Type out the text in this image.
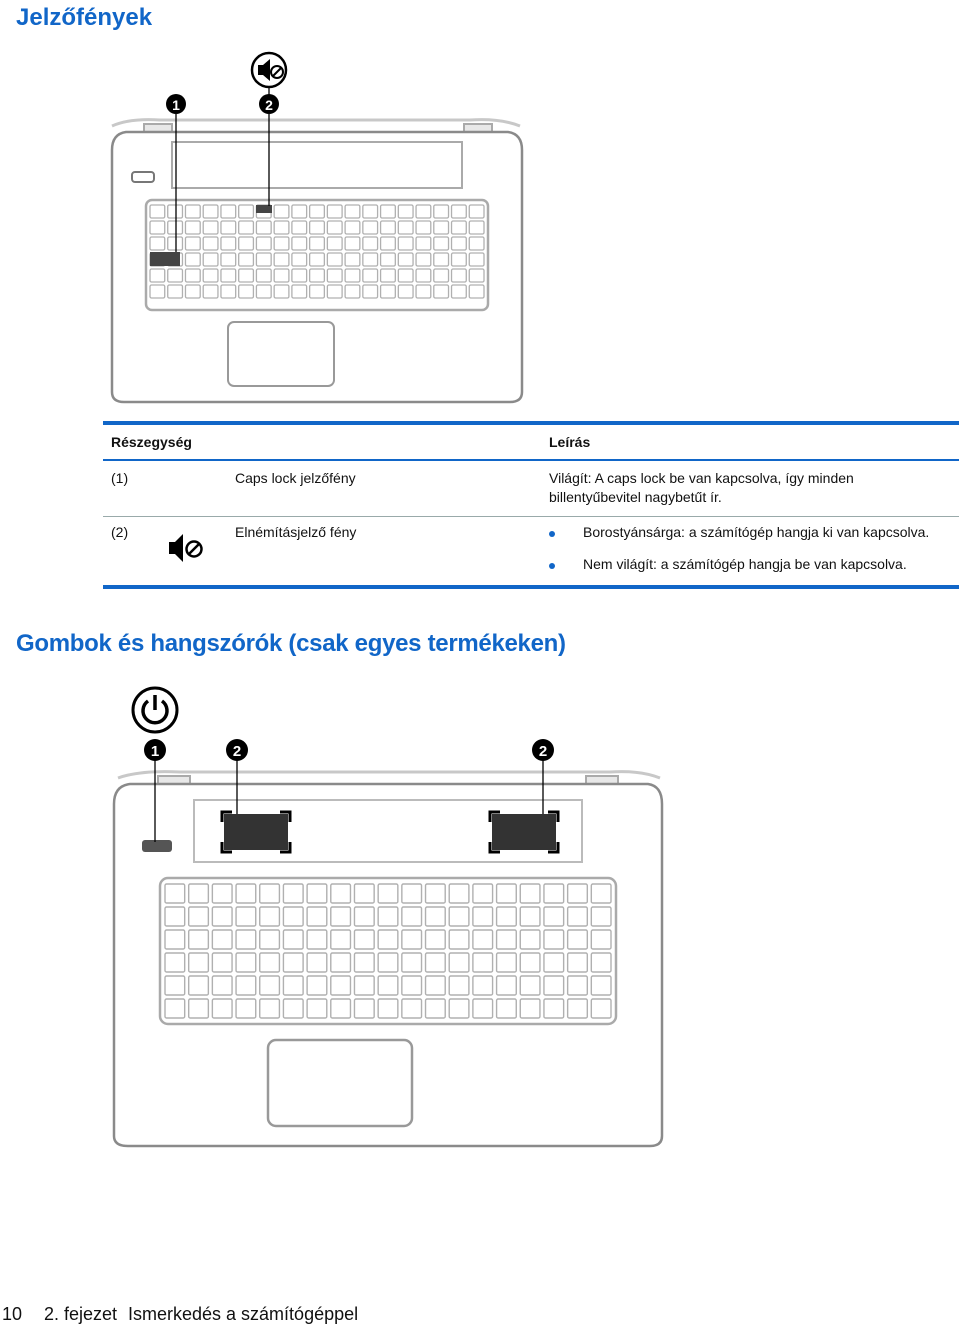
Jelzőfények
1	2
Részegység	Leírás
(1)	Caps lock jelzőfény	Világít: A caps lock be van kapcsolva, így minden
billentyűbevitel nagybetűt ír.
(2)	Elnémításjelző fény	Borostyánsárga: a számítógép hangja ki van kapcsolva.
Nem világít: a számítógép hangja be van kapcsolva.
Gombok és hangszórók (csak egyes termékeken)
1	2	2
10 2. fejezet Ismerkedés a számítógéppel
